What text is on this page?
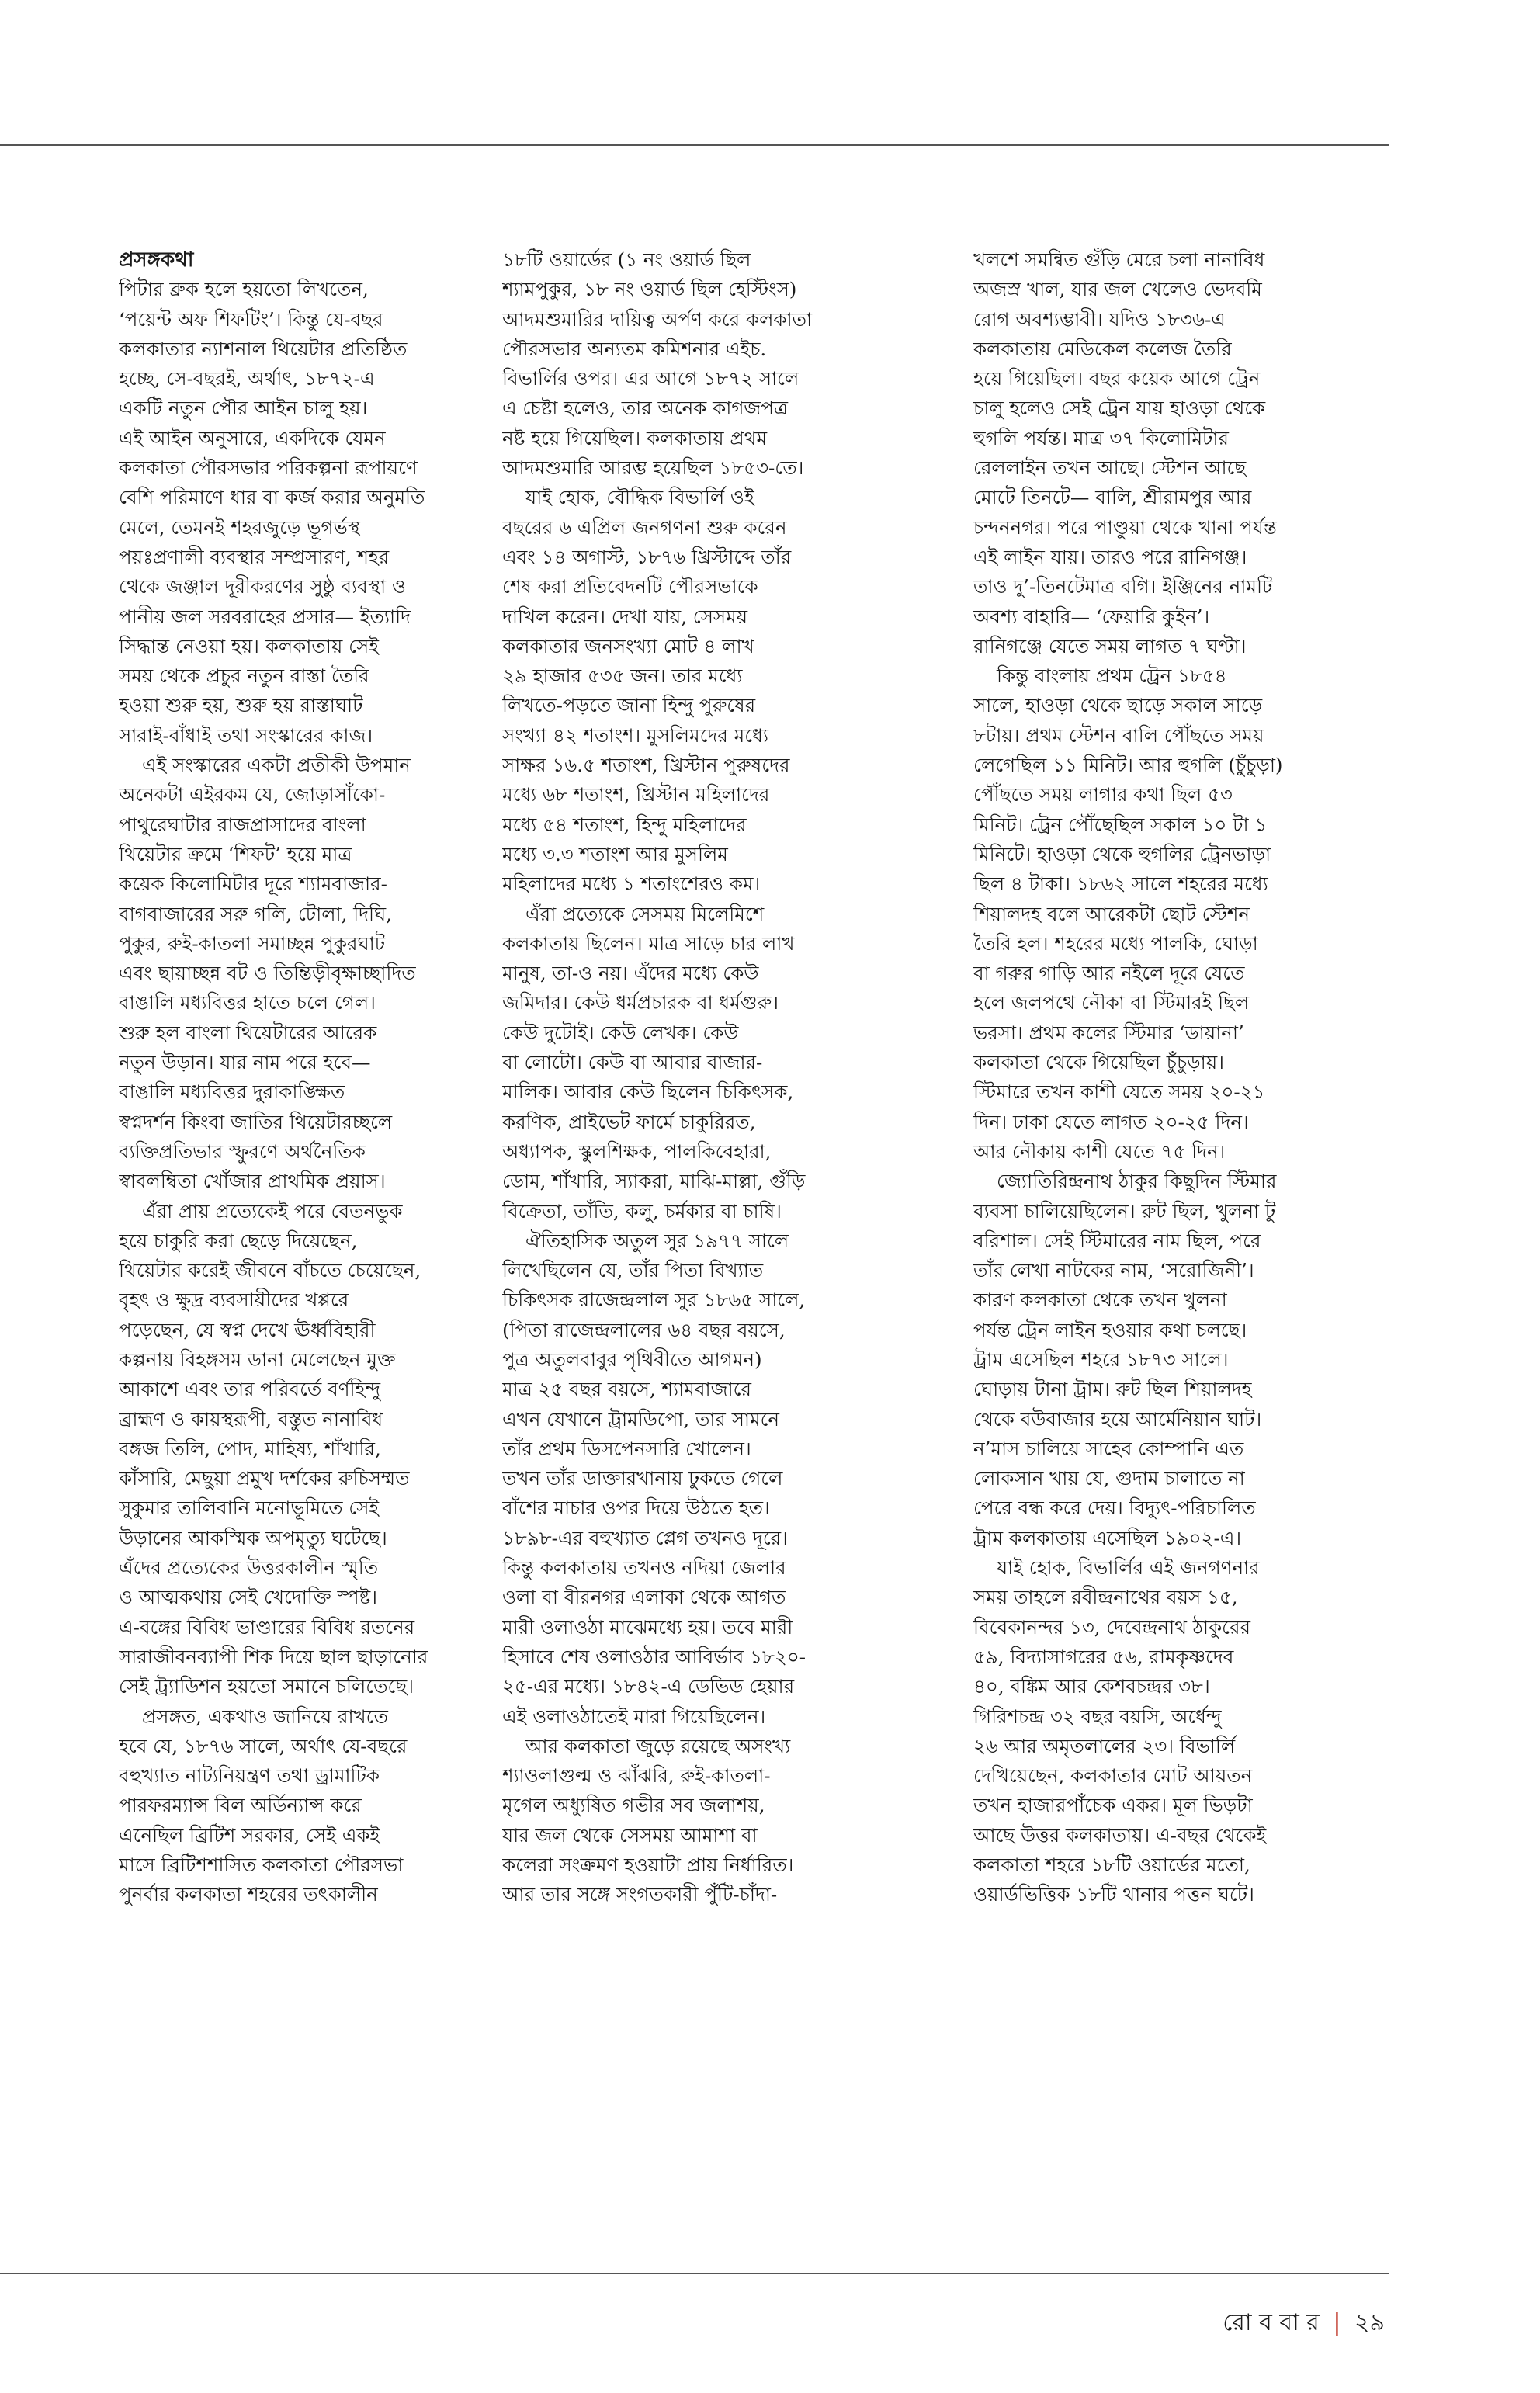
প্রসঙ্গকথা
পিটার ব্রুক হলে হয়তো লিখতেন,
‘পয়েন্ট অফ শিফটিং’। কিন্তু যে-বছর
কলকাতার ন্যাশনাল থিয়েটার প্রতিষ্ঠিত
হচ্ছে, সে-বছরই, অর্থাৎ, ১৮৭২-এ
একটি নতুন পৌর আইন চালু হয়।
এই আইন অনুসারে, একদিকে যেমন
কলকাতা পৌরসভার পরিকল্পনা রূপায়ণে
বেশি পরিমাণে ধার বা কর্জ করার অনুমতি
মেলে, তেমনই শহরজুড়ে ভূগর্ভস্থ
পয়ঃপ্রণালী ব্যবস্থার সম্প্রসারণ, শহর
থেকে জঞ্জাল দূরীকরণের সুষ্ঠু ব্যবস্থা ও
পানীয় জল সরবরাহের প্রসার— ইত্যাদি
সিদ্ধান্ত নেওয়া হয়। কলকাতায় সেই
সময় থেকে প্রচুর নতুন রাস্তা তৈরি
হওয়া শুরু হয়, শুরু হয় রাস্তাঘাট
সারাই-বাঁধাই তথা সংস্কারের কাজ।
এই সংস্কারের একটা প্রতীকী উপমান
অনেকটা এইরকম যে, জোড়াসাঁকো-
পাথুরেঘাটার রাজপ্রাসাদের বাংলা
থিয়েটার ক্রমে ‘শিফট’ হয়ে মাত্র
কয়েক কিলোমিটার দূরে শ্যামবাজার-
বাগবাজারের সরু গলি, টোলা, দিঘি,
পুকুর, রুই-কাতলা সমাচ্ছন্ন পুকুরঘাট
এবং ছায়াচ্ছন্ন বট ও তিন্তিড়ীবৃক্ষাচ্ছাদিত
বাঙালি মধ্যবিত্তর হাতে চলে গেল।
শুরু হল বাংলা থিয়েটারের আরেক
নতুন উড়ান। যার নাম পরে হবে—
বাঙালি মধ্যবিত্তর দুরাকাঙ্ক্ষিত
স্বপ্নদর্শন কিংবা জাতির থিয়েটারচ্ছলে
ব্যক্তিপ্রতিভার স্ফুরণে অর্থনৈতিক
স্বাবলম্বিতা খোঁজার প্রাথমিক প্রয়াস।
এঁরা প্রায় প্রত্যেকেই পরে বেতনভুক
হয়ে চাকুরি করা ছেড়ে দিয়েছেন,
থিয়েটার করেই জীবনে বাঁচতে চেয়েছেন,
বৃহৎ ও ক্ষুদ্র ব্যবসায়ীদের খপ্পরে
পড়েছেন, যে স্বপ্ন দেখে ঊর্ধ্ববিহারী
কল্পনায় বিহঙ্গসম ডানা মেলেছেন মুক্ত
আকাশে এবং তার পরিবর্তে বর্ণহিন্দু
ব্রাহ্মণ ও কায়স্থরূপী, বস্তুত নানাবিধ
বঙ্গজ তিলি, পোদ, মাহিষ্য, শাঁখারি,
কাঁসারি, মেছুয়া প্রমুখ দর্শকের রুচিসম্মত
সুকুমার তালিবানি মনোভূমিতে সেই
উড়ানের আকস্মিক অপমৃত্যু ঘটেছে।
এঁদের প্রত্যেকের উত্তরকালীন স্মৃতি
ও আত্মকথায় সেই খেদোক্তি স্পষ্ট।
এ-বঙ্গের বিবিধ ভাণ্ডারের বিবিধ রতনের
সারাজীবনব্যাপী শিক দিয়ে ছাল ছাড়ানোর
সেই ট্র্যাডিশন হয়তো সমানে চলিতেছে।
প্রসঙ্গত, একথাও জানিয়ে রাখতে
হবে যে, ১৮৭৬ সালে, অর্থাৎ যে-বছরে
বহুখ্যাত নাট্যনিয়ন্ত্রণ তথা ড্রামাটিক
পারফরম্যান্স বিল অর্ডিন্যান্স করে
এনেছিল ব্রিটিশ সরকার, সেই একই
মাসে ব্রিটিশশাসিত কলকাতা পৌরসভা
পুনর্বার কলকাতা শহরের তৎকালীন
১৮টি ওয়ার্ডের (১ নং ওয়ার্ড ছিল
শ্যামপুকুর, ১৮ নং ওয়ার্ড ছিল হেস্টিংস)
আদমশুমারির দায়িত্ব অর্পণ করে কলকাতা
পৌরসভার অন্যতম কমিশনার এইচ.
বিভার্লির ওপর। এর আগে ১৮৭২ সালে
এ চেষ্টা হলেও, তার অনেক কাগজপত্র
নষ্ট হয়ে গিয়েছিল। কলকাতায় প্রথম
আদমশুমারি আরম্ভ হয়েছিল ১৮৫৩-তে।
যাই হোক, বৌদ্ধিক বিভার্লি ওই
বছরের ৬ এপ্রিল জনগণনা শুরু করেন
এবং ১৪ অগাস্ট, ১৮৭৬ খ্রিস্টাব্দে তাঁর
শেষ করা প্রতিবেদনটি পৌরসভাকে
দাখিল করেন। দেখা যায়, সেসময়
কলকাতার জনসংখ্যা মোট ৪ লাখ
২৯ হাজার ৫৩৫ জন। তার মধ্যে
লিখতে-পড়তে জানা হিন্দু পুরুষের
সংখ্যা ৪২ শতাংশ। মুসলিমদের মধ্যে
সাক্ষর ১৬.৫ শতাংশ, খ্রিস্টান পুরুষদের
মধ্যে ৬৮ শতাংশ, খ্রিস্টান মহিলাদের
মধ্যে ৫৪ শতাংশ, হিন্দু মহিলাদের
মধ্যে ৩.৩ শতাংশ আর মুসলিম
মহিলাদের মধ্যে ১ শতাংশেরও কম।
এঁরা প্রত্যেকে সেসময় মিলেমিশে
কলকাতায় ছিলেন। মাত্র সাড়ে চার লাখ
মানুষ, তা-ও নয়। এঁদের মধ্যে কেউ
জমিদার। কেউ ধর্মপ্রচারক বা ধর্মগুরু।
কেউ দুটোই। কেউ লেখক। কেউ
বা লোটো। কেউ বা আবার বাজার-
মালিক। আবার কেউ ছিলেন চিকিৎসক,
করণিক, প্রাইভেট ফার্মে চাকুরিরত,
অধ্যাপক, স্কুলশিক্ষক, পালকিবেহারা,
ডোম, শাঁখারি, স্যাকরা, মাঝি-মাল্লা, গুঁড়ি
বিক্রেতা, তাঁতি, কলু, চর্মকার বা চাষি।
ঐতিহাসিক অতুল সুর ১৯৭৭ সালে
লিখেছিলেন যে, তাঁর পিতা বিখ্যাত
চিকিৎসক রাজেন্দ্রলাল সুর ১৮৬৫ সালে,
(পিতা রাজেন্দ্রলালের ৬৪ বছর বয়সে,
পুত্র অতুলবাবুর পৃথিবীতে আগমন)
মাত্র ২৫ বছর বয়সে, শ্যামবাজারে
এখন যেখানে ট্রামডিপো, তার সামনে
তাঁর প্রথম ডিসপেনসারি খোলেন।
তখন তাঁর ডাক্তারখানায় ঢুকতে গেলে
বাঁশের মাচার ওপর দিয়ে উঠতে হত।
১৮৯৮-এর বহুখ্যাত প্লেগ তখনও দূরে।
কিন্তু কলকাতায় তখনও নদিয়া জেলার
ওলা বা বীরনগর এলাকা থেকে আগত
মারী ওলাওঠা মাঝেমধ্যে হয়। তবে মারী
হিসাবে শেষ ওলাওঠার আবির্ভাব ১৮২০-
২৫-এর মধ্যে। ১৮৪২-এ ডেভিড হেয়ার
এই ওলাওঠাতেই মারা গিয়েছিলেন।
আর কলকাতা জুড়ে রয়েছে অসংখ্য
শ্যাওলাগুল্ম ও ঝাঁঝরি, রুই-কাতলা-
মৃগেল অধ্যুষিত গভীর সব জলাশয়,
যার জল থেকে সেসময় আমাশা বা
কলেরা সংক্রমণ হওয়াটা প্রায় নির্ধারিত।
আর তার সঙ্গে সংগতকারী পুঁটি-চাঁদা-
খলশে সমন্বিত গুঁড়ি মেরে চলা নানাবিধ
অজস্র খাল, যার জল খেলেও ভেদবমি
রোগ অবশ্যম্ভাবী। যদিও ১৮৩৬-এ
কলকাতায় মেডিকেল কলেজ তৈরি
হয়ে গিয়েছিল। বছর কয়েক আগে ট্রেন
চালু হলেও সেই ট্রেন যায় হাওড়া থেকে
হুগলি পর্যন্ত। মাত্র ৩৭ কিলোমিটার
রেললাইন তখন আছে। স্টেশন আছে
মোটে তিনটে— বালি, শ্রীরামপুর আর
চন্দননগর। পরে পাণ্ডুয়া থেকে খানা পর্যন্ত
এই লাইন যায়। তারও পরে রানিগঞ্জ।
তাও দু’-তিনটেমাত্র বগি। ইঞ্জিনের নামটি
অবশ্য বাহারি— ‘ফেয়ারি কুইন’।
রানিগঞ্জে যেতে সময় লাগত ৭ ঘণ্টা।
কিন্তু বাংলায় প্রথম ট্রেন ১৮৫৪
সালে, হাওড়া থেকে ছাড়ে সকাল সাড়ে
৮টায়। প্রথম স্টেশন বালি পৌঁছতে সময়
লেগেছিল ১১ মিনিট। আর হুগলি (চুঁচুড়া)
পৌঁছতে সময় লাগার কথা ছিল ৫৩
মিনিট। ট্রেন পৌঁছেছিল সকাল ১০ টা ১
মিনিটে। হাওড়া থেকে হুগলির ট্রেনভাড়া
ছিল ৪ টাকা। ১৮৬২ সালে শহরের মধ্যে
শিয়ালদহ বলে আরেকটা ছোট স্টেশন
তৈরি হল। শহরের মধ্যে পালকি, ঘোড়া
বা গরুর গাড়ি আর নইলে দূরে যেতে
হলে জলপথে নৌকা বা স্টিমারই ছিল
ভরসা। প্রথম কলের স্টিমার ‘ডায়ানা’
কলকাতা থেকে গিয়েছিল চুঁচুড়ায়।
স্টিমারে তখন কাশী যেতে সময় ২০-২১
দিন। ঢাকা যেতে লাগত ২০-২৫ দিন।
আর নৌকায় কাশী যেতে ৭৫ দিন।
জ্যোতিরিন্দ্রনাথ ঠাকুর কিছুদিন স্টিমার
ব্যবসা চালিয়েছিলেন। রুট ছিল, খুলনা টু
বরিশাল। সেই স্টিমারের নাম ছিল, পরে
তাঁর লেখা নাটকের নাম, ‘সরোজিনী’।
কারণ কলকাতা থেকে তখন খুলনা
পর্যন্ত ট্রেন লাইন হওয়ার কথা চলছে।
ট্রাম এসেছিল শহরে ১৮৭৩ সালে।
ঘোড়ায় টানা ট্রাম। রুট ছিল শিয়ালদহ
থেকে বউবাজার হয়ে আর্মেনিয়ান ঘাট।
ন’মাস চালিয়ে সাহেব কোম্পানি এত
লোকসান খায় যে, গুদাম চালাতে না
পেরে বন্ধ করে দেয়। বিদ্যুৎ-পরিচালিত
ট্রাম কলকাতায় এসেছিল ১৯০২-এ।
যাই হোক, বিভার্লির এই জনগণনার
সময় তাহলে রবীন্দ্রনাথের বয়স ১৫,
বিবেকানন্দর ১৩, দেবেন্দ্রনাথ ঠাকুরের
৫৯, বিদ্যাসাগরের ৫৬, রামকৃষ্ণদেব
৪০, বঙ্কিম আর কেশবচন্দ্রর ৩৮।
গিরিশচন্দ্র ৩২ বছর বয়সি, অর্ধেন্দু
২৬ আর অমৃতলালের ২৩। বিভার্লি
দেখিয়েছেন, কলকাতার মোট আয়তন
তখন হাজারপাঁচেক একর। মূল ভিড়টা
আছে উত্তর কলকাতায়। এ-বছর থেকেই
কলকাতা শহরে ১৮টি ওয়ার্ডের মতো,
ওয়ার্ডভিত্তিক ১৮টি থানার পত্তন ঘটে।
রো ব বা র | ২৯
